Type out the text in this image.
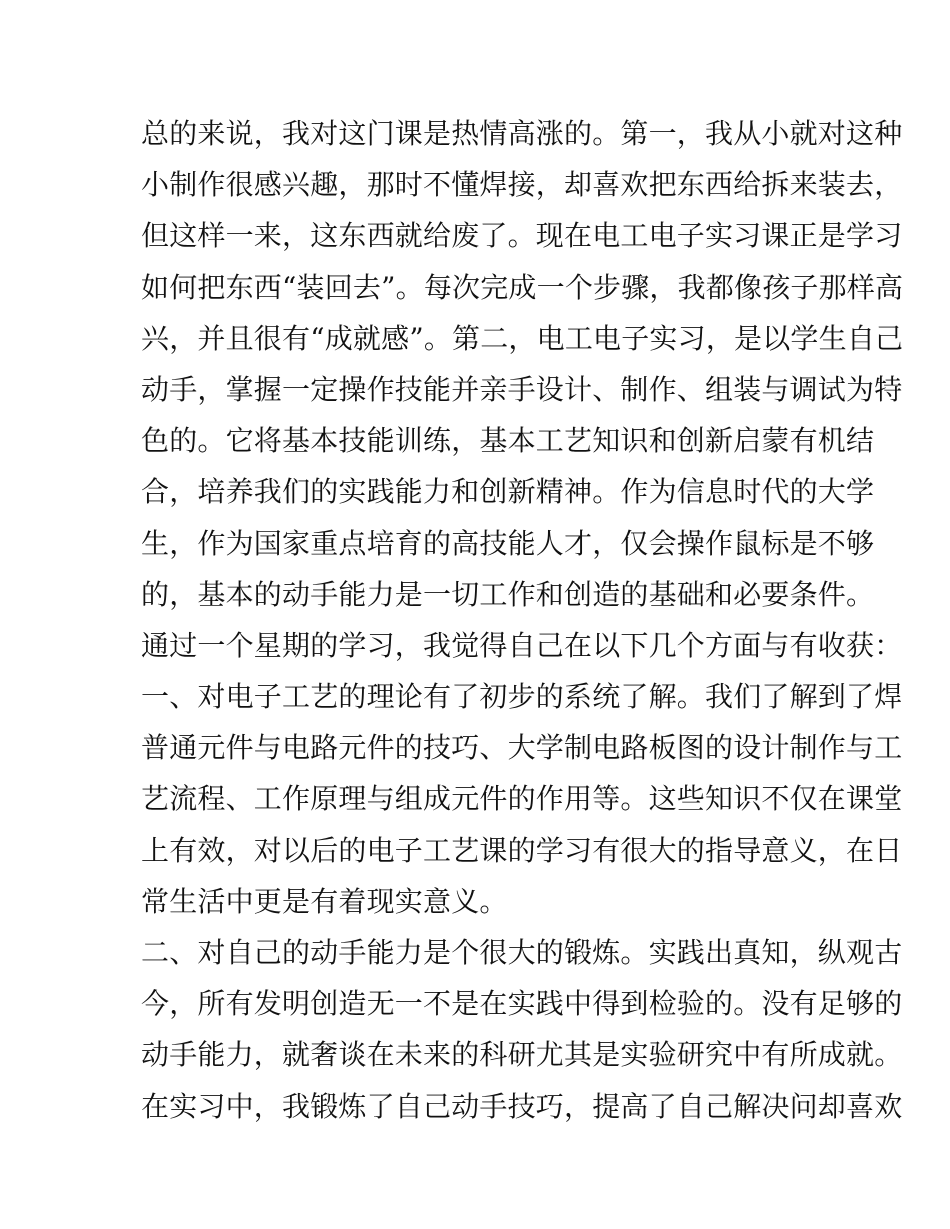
总的来说，我对这门课是热情高涨的。第一，我从小就对这种
小制作很感兴趣，那时不懂焊接，却喜欢把东西给拆来装去，
但这样一来，这东西就给废了。现在电工电子实习课正是学习
如何把东西“装回去”。每次完成一个步骤，我都像孩子那样高
兴，并且很有“成就感”。第二，电工电子实习，是以学生自己
动手，掌握一定操作技能并亲手设计、制作、组装与调试为特
色的。它将基本技能训练，基本工艺知识和创新启蒙有机结
合，培养我们的实践能力和创新精神。作为信息时代的大学
生，作为国家重点培育的高技能人才，仅会操作鼠标是不够
的，基本的动手能力是一切工作和创造的基础和必要条件。
通过一个星期的学习，我觉得自己在以下几个方面与有收获：
一、对电子工艺的理论有了初步的系统了解。我们了解到了焊
普通元件与电路元件的技巧、大学制电路板图的设计制作与工
艺流程、工作原理与组成元件的作用等。这些知识不仅在课堂
上有效，对以后的电子工艺课的学习有很大的指导意义，在日
常生活中更是有着现实意义。
二、对自己的动手能力是个很大的锻炼。实践出真知，纵观古
今，所有发明创造无一不是在实践中得到检验的。没有足够的
动手能力，就奢谈在未来的科研尤其是实验研究中有所成就。
在实习中，我锻炼了自己动手技巧，提高了自己解决问却喜欢
